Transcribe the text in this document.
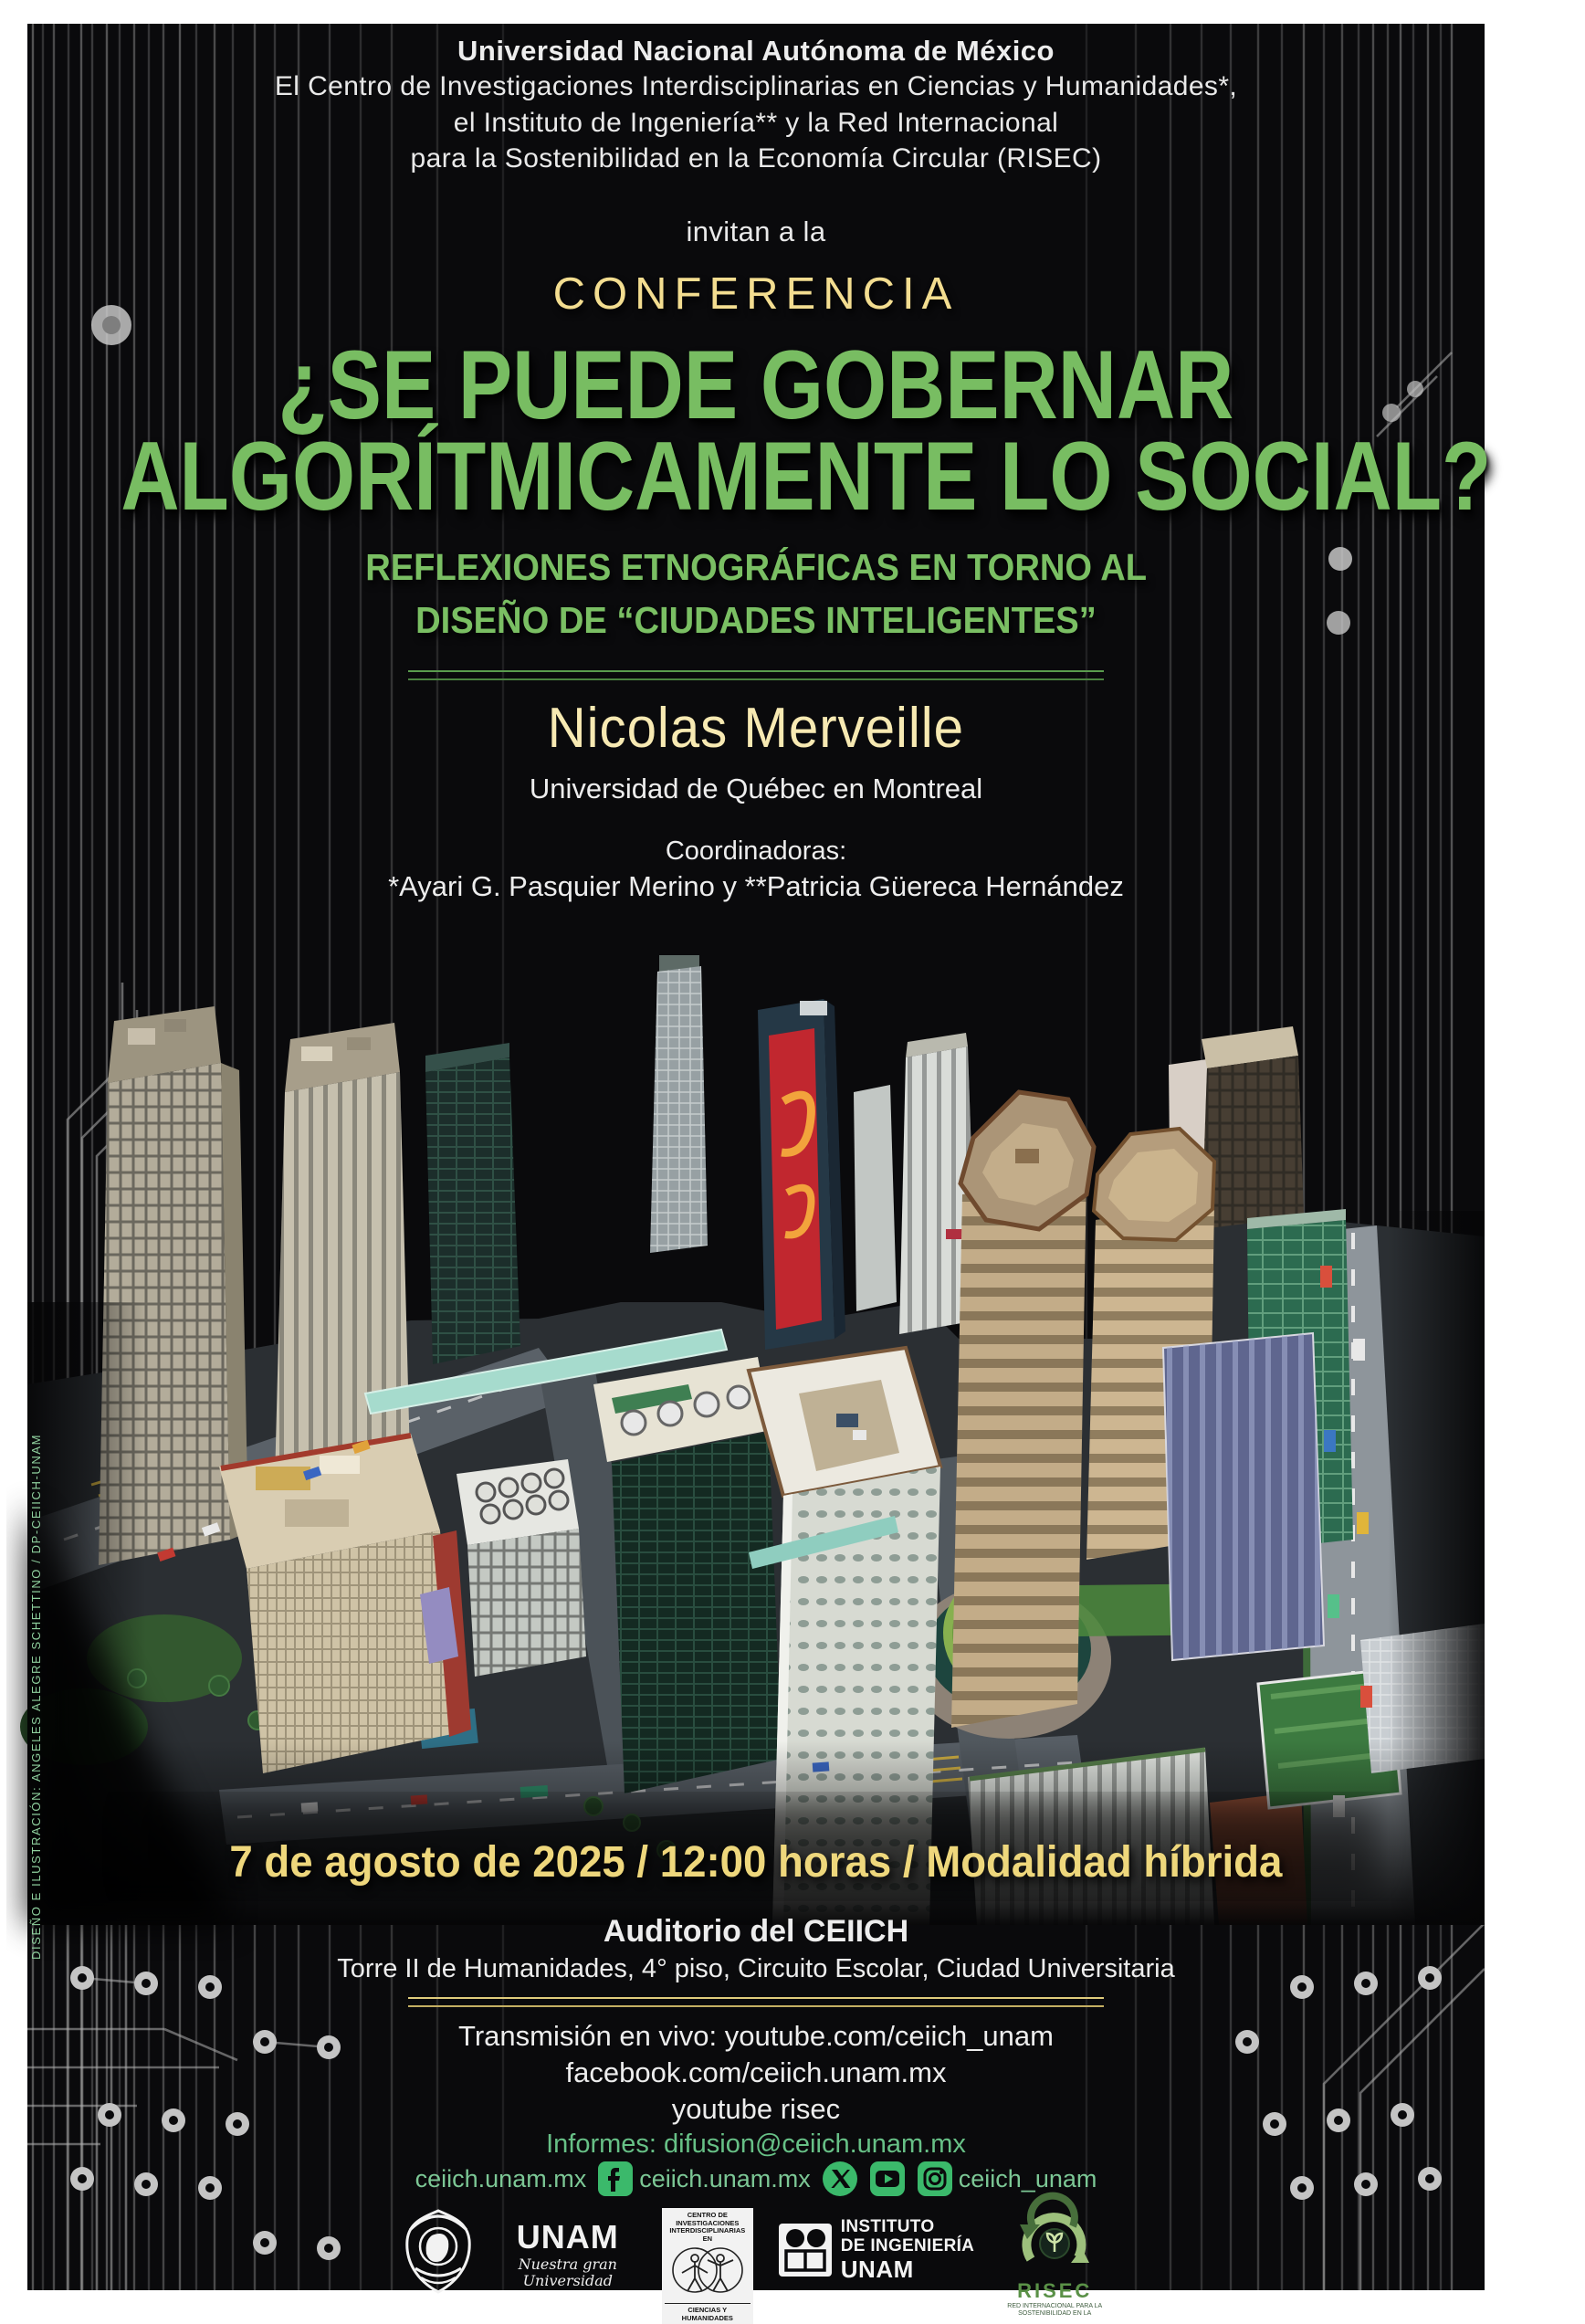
Universidad Nacional Autónoma de México
El Centro de Investigaciones Interdisciplinarias en Ciencias y Humanidades*,
el Instituto de Ingeniería** y la Red Internacional
para la Sostenibilidad en la Economía Circular (RISEC)
invitan a la
CONFERENCIA
¿SE PUEDE GOBERNAR
ALGORÍTMICAMENTE LO SOCIAL?
REFLEXIONES ETNOGRÁFICAS EN TORNO AL
DISEÑO DE “CIUDADES INTELIGENTES”
Nicolas Merveille
Universidad de Québec en Montreal
Coordinadoras:
*Ayari G. Pasquier Merino y **Patricia Güereca Hernández
7 de agosto de 2025 / 12:00 horas / Modalidad híbrida
Auditorio del CEIICH
Torre II de Humanidades, 4° piso, Circuito Escolar, Ciudad Universitaria
Transmisión en vivo: youtube.com/ceiich_unam
facebook.com/ceiich.unam.mx
youtube risec
Informes: difusion@ceiich.unam.mx
ceiich.unam.mx ceiich.unam.mx	ceiich_unam
UNAM
Nuestra gran Universidad
CENTRO DE INVESTIGACIONES INTERDISCIPLINARIAS EN
CIENCIAS Y HUMANIDADES
INSTITUTO
DE INGENIERÍA
UNAM
RISEC
RED INTERNACIONAL PARA LA SOSTENIBILIDAD EN LA
DISEÑO E ILUSTRACIÓN: ANGELES ALEGRE SCHETTINO / DP-CEIICH-UNAM
